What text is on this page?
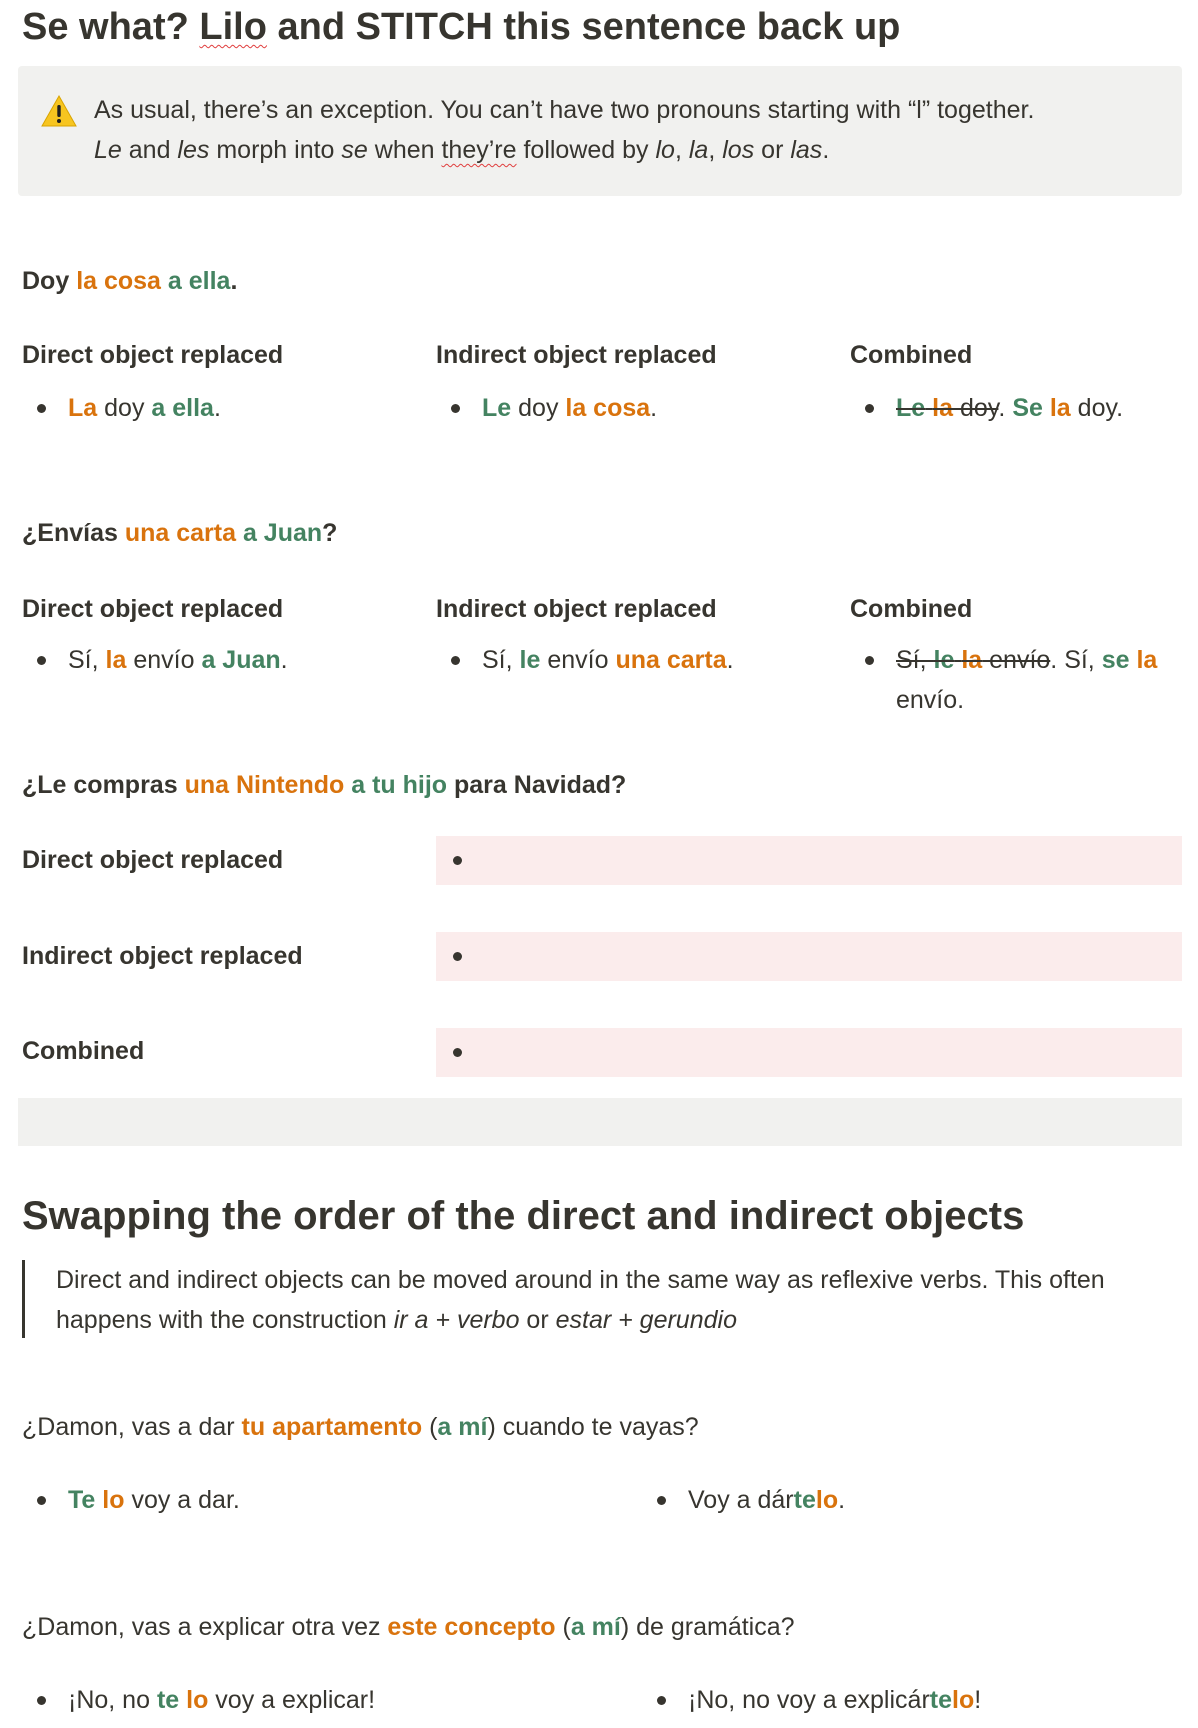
Se what? Lilo and STITCH this sentence back up
As usual, there’s an exception. You can’t have two pronouns starting with “l” together.
Le and les morph into se when they’re followed by lo, la, los or las.
Doy la cosa a ella.
Direct object replaced	Indirect object replaced	Combined
La doy a ella.	Le doy la cosa.	Le la doy. Se la doy.
¿Envías una carta a Juan?
Direct object replaced	Indirect object replaced	Combined
Sí, la envío a Juan.	Sí, le envío una carta.	Sí, le la envío. Sí, se la envío.
¿Le compras una Nintendo a tu hijo para Navidad?
Direct object replaced
Indirect object replaced
Combined
Swapping the order of the direct and indirect objects
Direct and indirect objects can be moved around in the same way as reflexive verbs. This often happens with the construction ir a + verbo or estar + gerundio
¿Damon, vas a dar tu apartamento (a mí) cuando te vayas?
Te lo voy a dar.	Voy a dártelo.
¿Damon, vas a explicar otra vez este concepto (a mí) de gramática?
¡No, no te lo voy a explicar!	¡No, no voy a explicártelo!
